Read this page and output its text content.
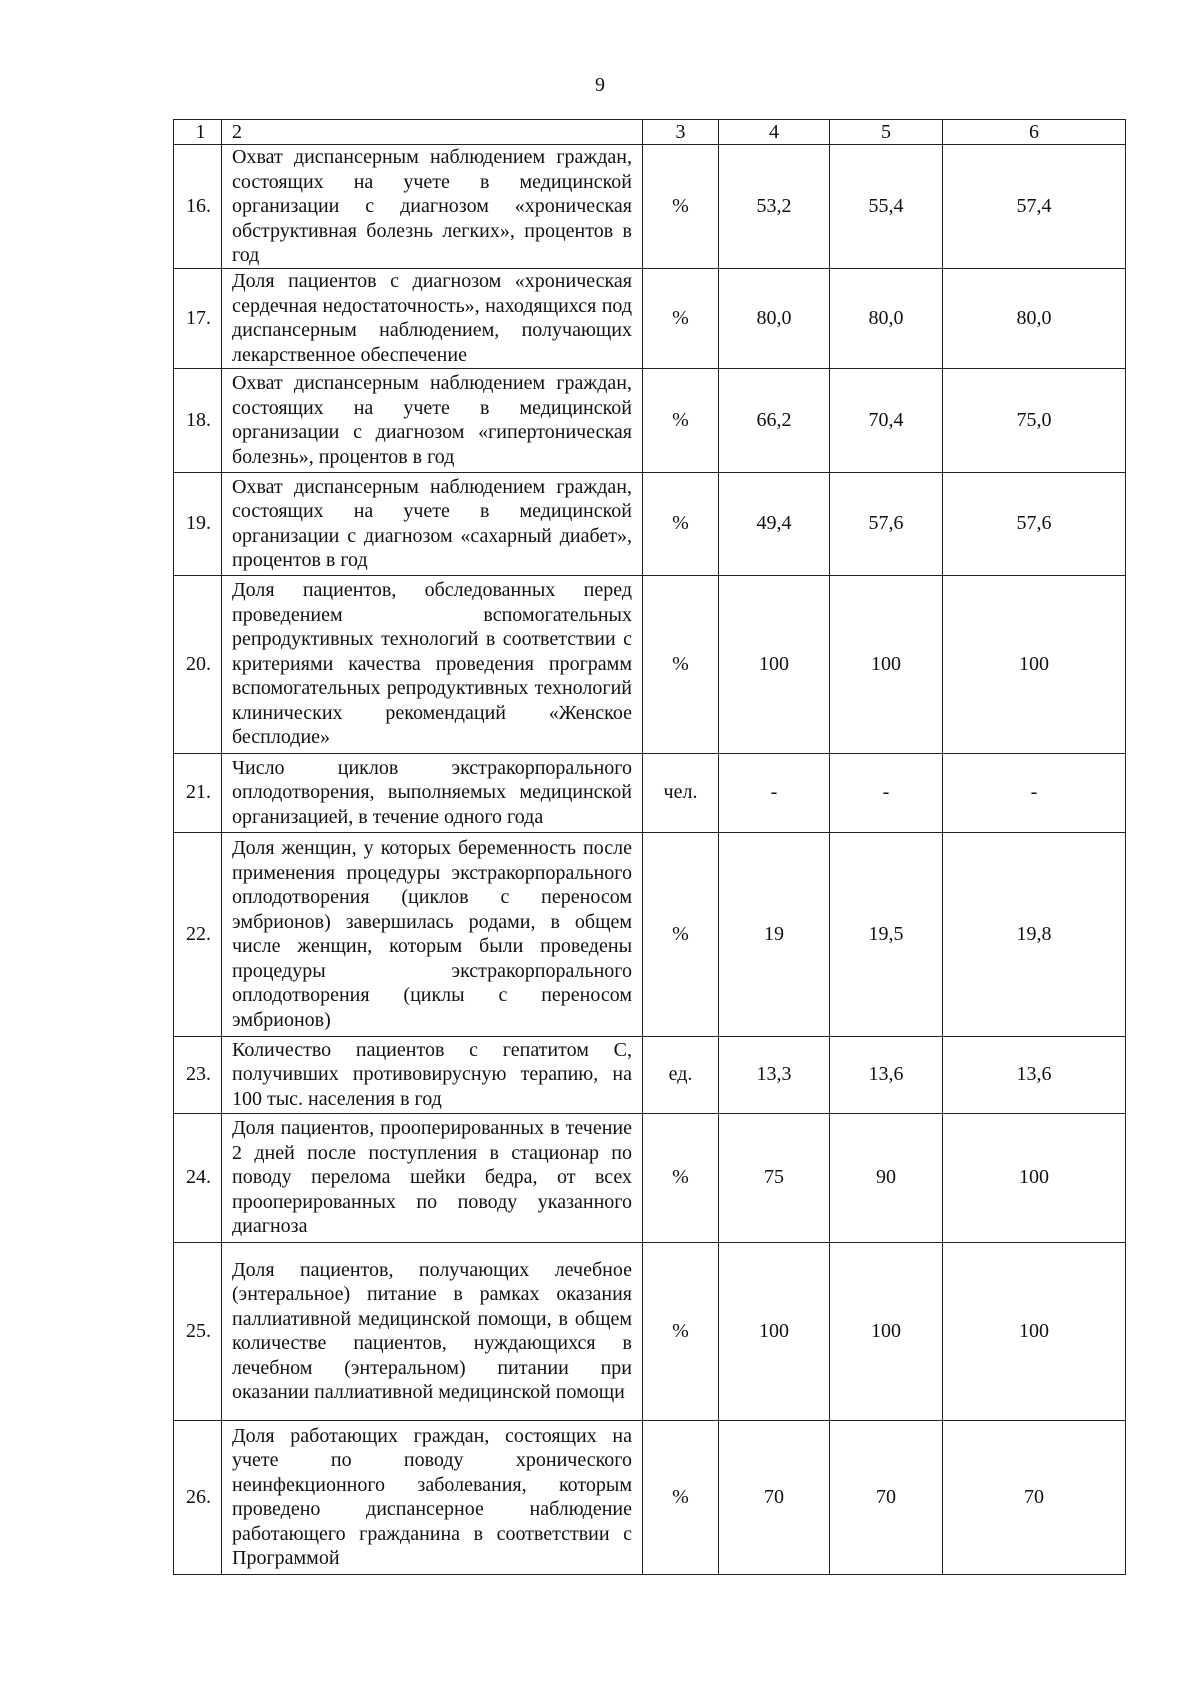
9
1	2	3	4	5	6
16.	Охват диспансерным наблюдением граждан, состоящих на учете в медицинской организации с диагнозом «хроническая обструктивная болезнь легких», процентов в год	%	53,2	55,4	57,4
17.	Доля пациентов с диагнозом «хроническая сердечная недостаточность», находящихся под диспансерным наблюдением, получающих лекарственное обеспечение	%	80,0	80,0	80,0
18.	Охват диспансерным наблюдением граждан, состоящих на учете в медицинской организации с диагнозом «гипертоническая болезнь», процентов в год	%	66,2	70,4	75,0
19.	Охват диспансерным наблюдением граждан, состоящих на учете в медицинской организации с диагнозом «сахарный диабет», процентов в год	%	49,4	57,6	57,6
20.	Доля пациентов, обследованных перед проведением вспомогательных репродуктивных технологий в соответствии с критериями качества проведения программ вспомогательных репродуктивных технологий клинических рекомендаций «Женское бесплодие»	%	100	100	100
21.	Число циклов экстракорпорального оплодотворения, выполняемых медицинской организацией, в течение одного года	чел.	-	-	-
22.	Доля женщин, у которых беременность после применения процедуры экстракорпорального оплодотворения (циклов с переносом эмбрионов) завершилась родами, в общем числе женщин, которым были проведены процедуры экстракорпорального оплодотворения (циклы с переносом эмбрионов)	%	19	19,5	19,8
23.	Количество пациентов с гепатитом С, получивших противовирусную терапию, на 100 тыс. населения в год	ед.	13,3	13,6	13,6
24.	Доля пациентов, прооперированных в течение 2 дней после поступления в стационар по поводу перелома шейки бедра, от всех прооперированных по поводу указанного диагноза	%	75	90	100
25.	Доля пациентов, получающих лечебное (энтеральное) питание в рамках оказания паллиативной медицинской помощи, в общем количестве пациентов, нуждающихся в лечебном (энтеральном) питании при оказании паллиативной медицинской помощи	%	100	100	100
26.	Доля работающих граждан, состоящих на учете по поводу хронического неинфекционного заболевания, которым проведено диспансерное наблюдение работающего гражданина в соответствии с Программой	%	70	70	70
